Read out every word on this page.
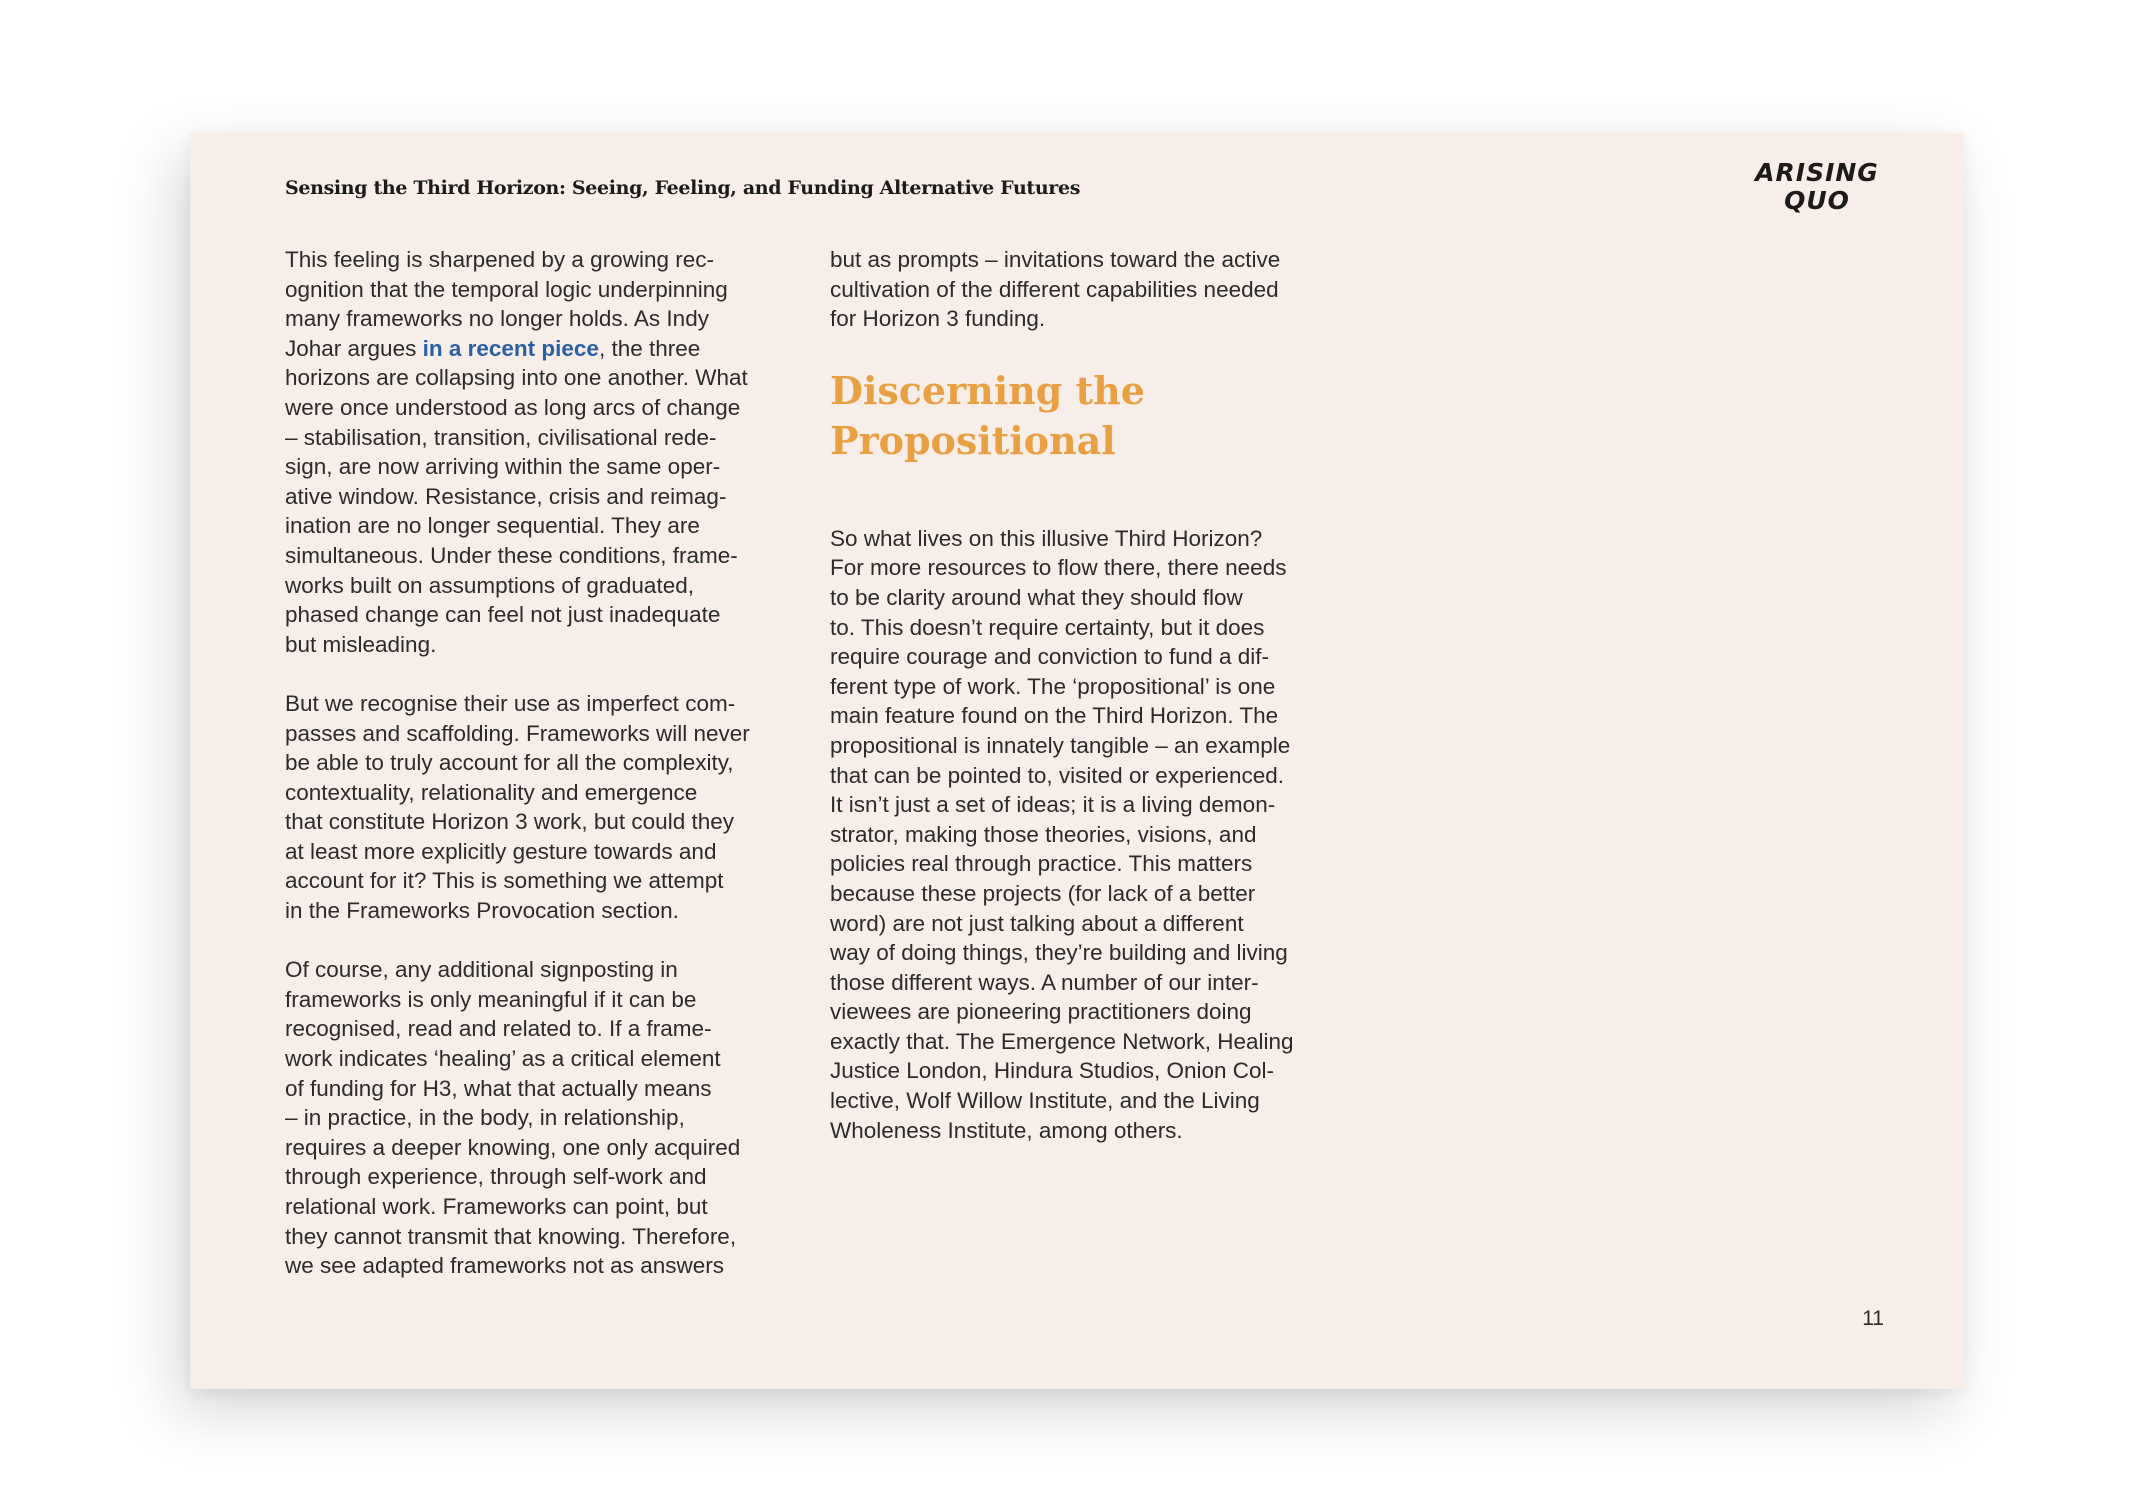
Sensing the Third Horizon: Seeing, Feeling, and Funding Alternative Futures
ARISING
QUO

This feeling is sharpened by a growing rec-
ognition that the temporal logic underpinning
many frameworks no longer holds. As Indy
Johar argues in a recent piece, the three
horizons are collapsing into one another. What
were once understood as long arcs of change
– stabilisation, transition, civilisational rede-
sign, are now arriving within the same oper-
ative window. Resistance, crisis and reimag-
ination are no longer sequential. They are
simultaneous. Under these conditions, frame-
works built on assumptions of graduated,
phased change can feel not just inadequate
but misleading.

But we recognise their use as imperfect com-
passes and scaffolding. Frameworks will never
be able to truly account for all the complexity,
contextuality, relationality and emergence
that constitute Horizon 3 work, but could they
at least more explicitly gesture towards and
account for it? This is something we attempt
in the Frameworks Provocation section.

Of course, any additional signposting in
frameworks is only meaningful if it can be
recognised, read and related to. If a frame-
work indicates ‘healing’ as a critical element
of funding for H3, what that actually means
– in practice, in the body, in relationship,
requires a deeper knowing, one only acquired
through experience, through self-work and
relational work. Frameworks can point, but
they cannot transmit that knowing. Therefore,
we see adapted frameworks not as answers

but as prompts – invitations toward the active
cultivation of the different capabilities needed
for Horizon 3 funding.

Discerning the
Propositional

So what lives on this illusive Third Horizon?
For more resources to flow there, there needs
to be clarity around what they should flow
to. This doesn’t require certainty, but it does
require courage and conviction to fund a dif-
ferent type of work. The ‘propositional’ is one
main feature found on the Third Horizon. The
propositional is innately tangible – an example
that can be pointed to, visited or experienced.
It isn’t just a set of ideas; it is a living demon-
strator, making those theories, visions, and
policies real through practice. This matters
because these projects (for lack of a better
word) are not just talking about a different
way of doing things, they’re building and living
those different ways. A number of our inter-
viewees are pioneering practitioners doing
exactly that. The Emergence Network, Healing
Justice London, Hindura Studios, Onion Col-
lective, Wolf Willow Institute, and the Living
Wholeness Institute, among others.

11
